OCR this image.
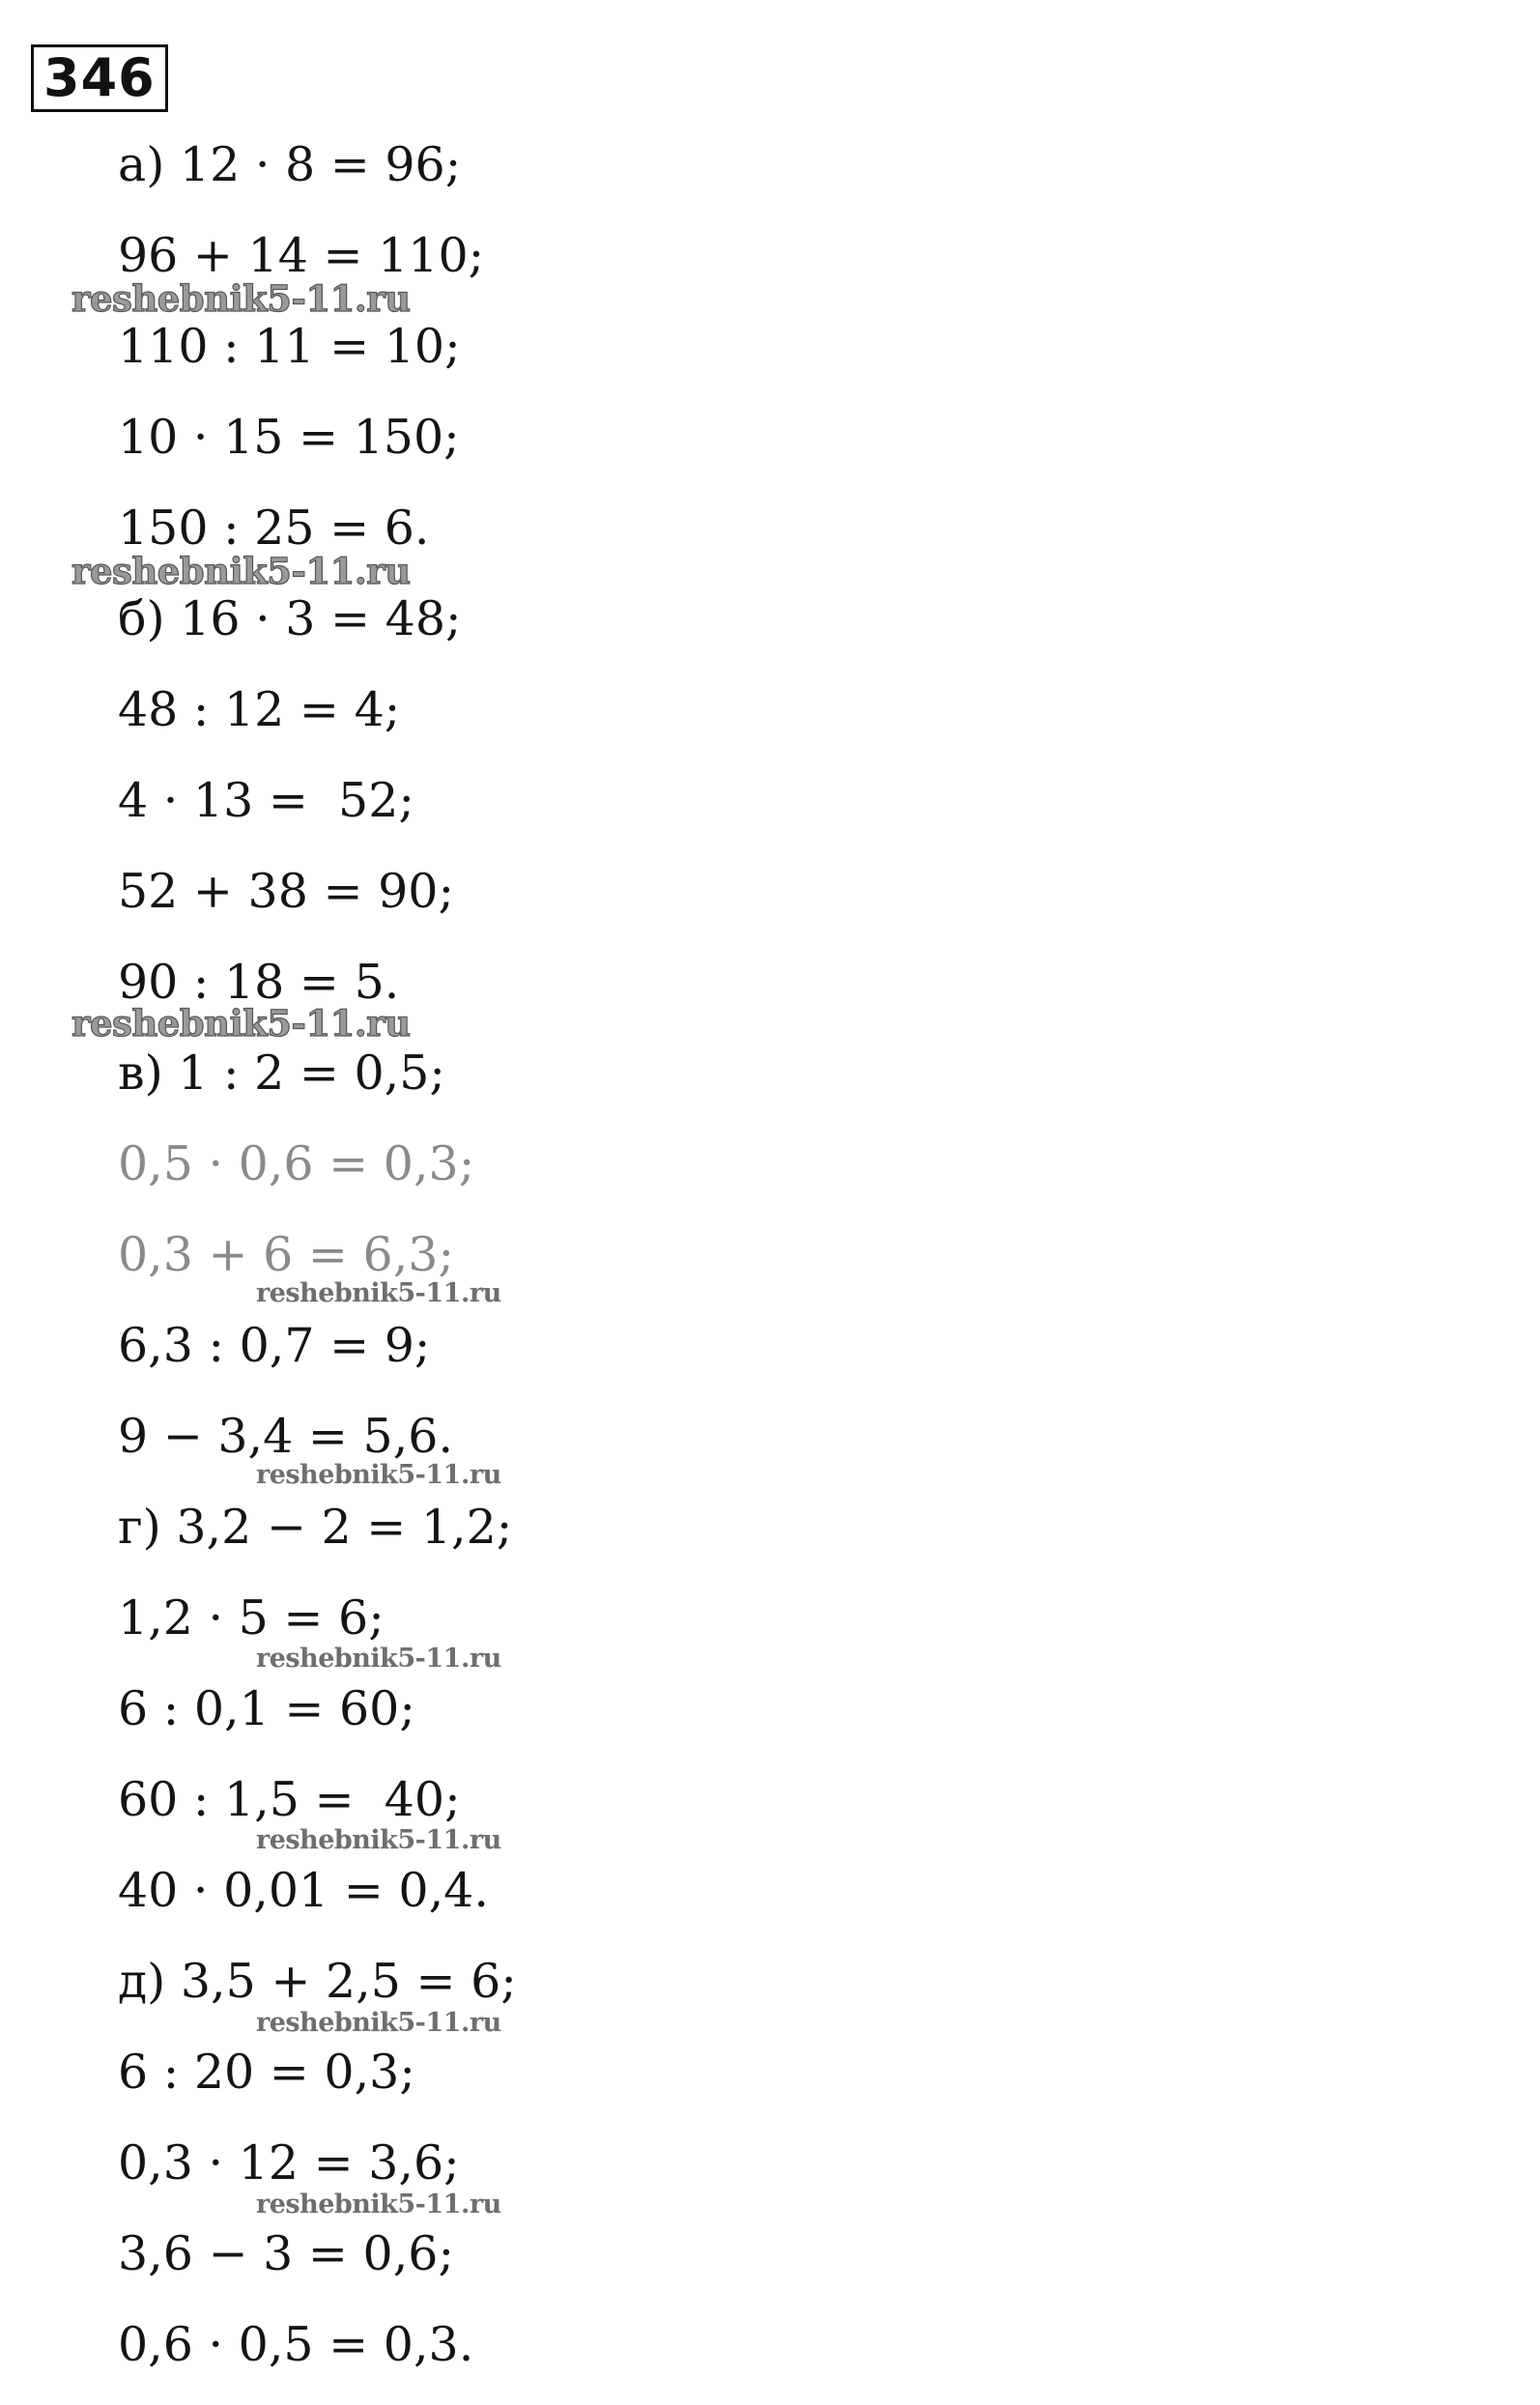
346
а) 12 · 8 = 96;
96 + 14 = 110;
110 : 11 = 10;
10 · 15 = 150;
150 : 25 = 6.
б) 16 · 3 = 48;
48 : 12 = 4;
4 · 13 =  52;
52 + 38 = 90;
90 : 18 = 5.
в) 1 : 2 = 0,5;
0,5 · 0,6 = 0,3;
0,3 + 6 = 6,3;
6,3 : 0,7 = 9;
9 − 3,4 = 5,6.
г) 3,2 − 2 = 1,2;
1,2 · 5 = 6;
6 : 0,1 = 60;
60 : 1,5 =  40;
40 · 0,01 = 0,4.
д) 3,5 + 2,5 = 6;
6 : 20 = 0,3;
0,3 · 12 = 3,6;
3,6 − 3 = 0,6;
0,6 · 0,5 = 0,3.
reshebnik5-11.ru
reshebnik5-11.ru
reshebnik5-11.ru
reshebnik5-11.ru
reshebnik5-11.ru
reshebnik5-11.ru
reshebnik5-11.ru
reshebnik5-11.ru
reshebnik5-11.ru
